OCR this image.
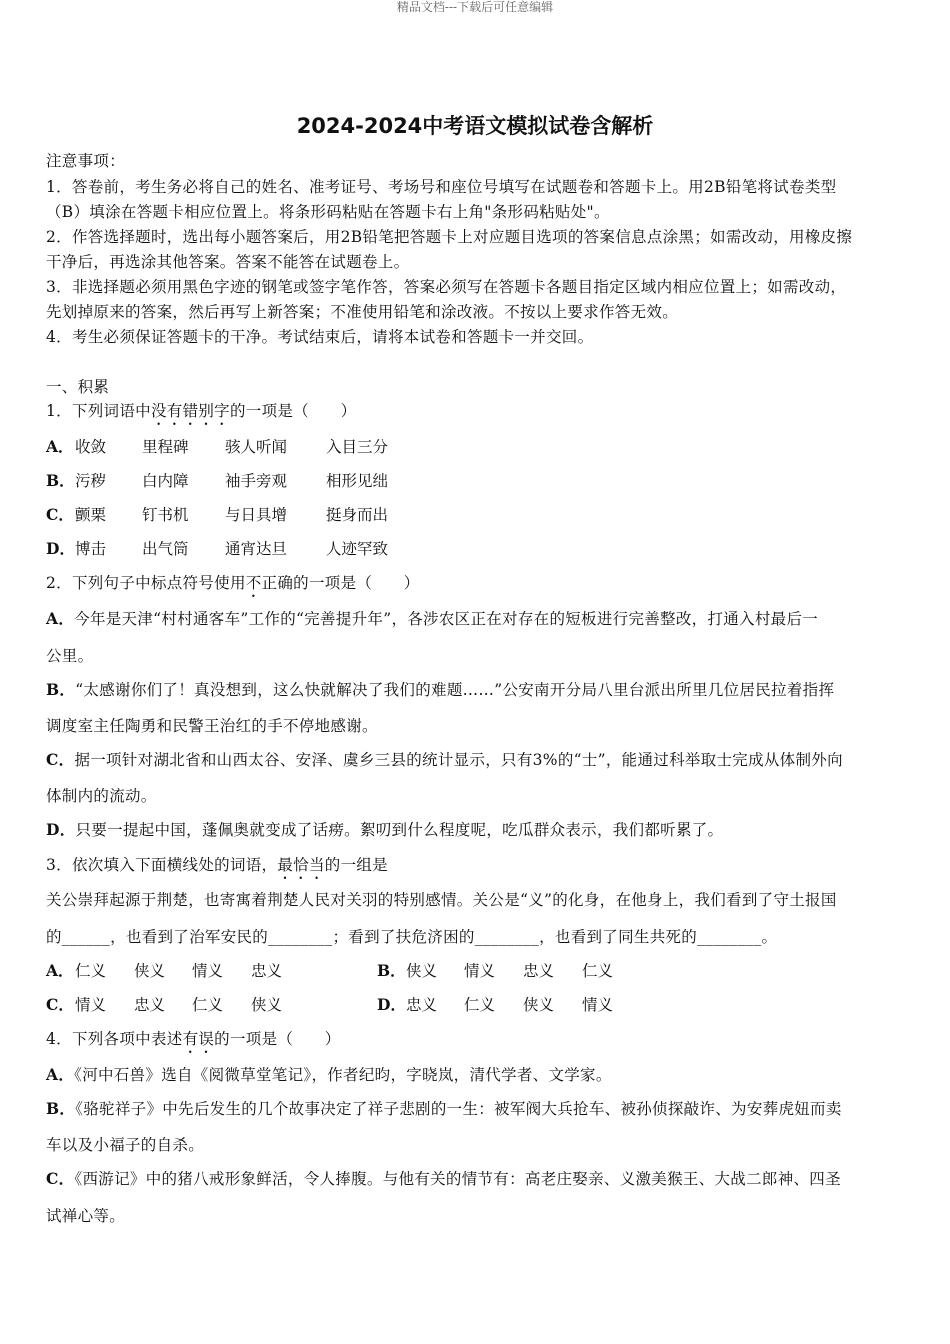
精品文档---下载后可任意编辑
2024-2024中考语文模拟试卷含解析
注意事项：
1．答卷前，考生务必将自己的姓名、准考证号、考场号和座位号填写在试题卷和答题卡上。用2B铅笔将试卷类型
（B）填涂在答题卡相应位置上。将条形码粘贴在答题卡右上角"条形码粘贴处"。
2．作答选择题时，选出每小题答案后，用2B铅笔把答题卡上对应题目选项的答案信息点涂黑；如需改动，用橡皮擦
干净后，再选涂其他答案。答案不能答在试题卷上。
3．非选择题必须用黑色字迹的钢笔或签字笔作答，答案必须写在答题卡各题目指定区域内相应位置上；如需改动，
先划掉原来的答案，然后再写上新答案；不准使用铅笔和涂改液。不按以上要求作答无效。
4．考生必须保证答题卡的干净。考试结束后，请将本试卷和答题卡一并交回。
一、积累
1．下列词语中没有错别字的一项是（　　）
A． 收敛 里程碑 骇人听闻	入目三分
B． 污秽 白内障 袖手旁观	相形见绌
C． 颤栗 钉书机 与日具增	挺身而出
D． 博击 出气筒 通宵达旦	人迹罕致
2．下列句子中标点符号使用不正确的一项是（　　）
A．今年是天津“村村通客车”工作的“完善提升年”，各涉农区正在对存在的短板进行完善整改，打通入村最后一
公里。
B．“太感谢你们了！真没想到，这么快就解决了我们的难题……”公安南开分局八里台派出所里几位居民拉着指挥
调度室主任陶勇和民警王治红的手不停地感谢。
C．据一项针对湖北省和山西太谷、安泽、虞乡三县的统计显示，只有3%的“士”，能通过科举取士完成从体制外向
体制内的流动。
D．只要一提起中国，蓬佩奥就变成了话痨。絮叨到什么程度呢，吃瓜群众表示，我们都听累了。
3．依次填入下面横线处的词语，最恰当的一组是
关公崇拜起源于荆楚，也寄寓着荆楚人民对关羽的特别感情。关公是“义”的化身，在他身上，我们看到了守土报国
的______，也看到了治军安民的________；看到了扶危济困的________，也看到了同生共死的________。
A． 仁义 侠义 情义 忠义	B． 侠义 情义 忠义 仁义
C． 情义 忠义 仁义 侠义	D． 忠义 仁义 侠义 情义
4．下列各项中表述有误的一项是（　　）
A．《河中石兽》选自《阅微草堂笔记》，作者纪昀，字晓岚，清代学者、文学家。
B．《骆驼祥子》中先后发生的几个故事决定了祥子悲剧的一生：被军阀大兵抢车、被孙侦探敲诈、为安葬虎妞而卖
车以及小福子的自杀。
C．《西游记》中的猪八戒形象鲜活，令人捧腹。与他有关的情节有：高老庄娶亲、义激美猴王、大战二郎神、四圣
试禅心等。
